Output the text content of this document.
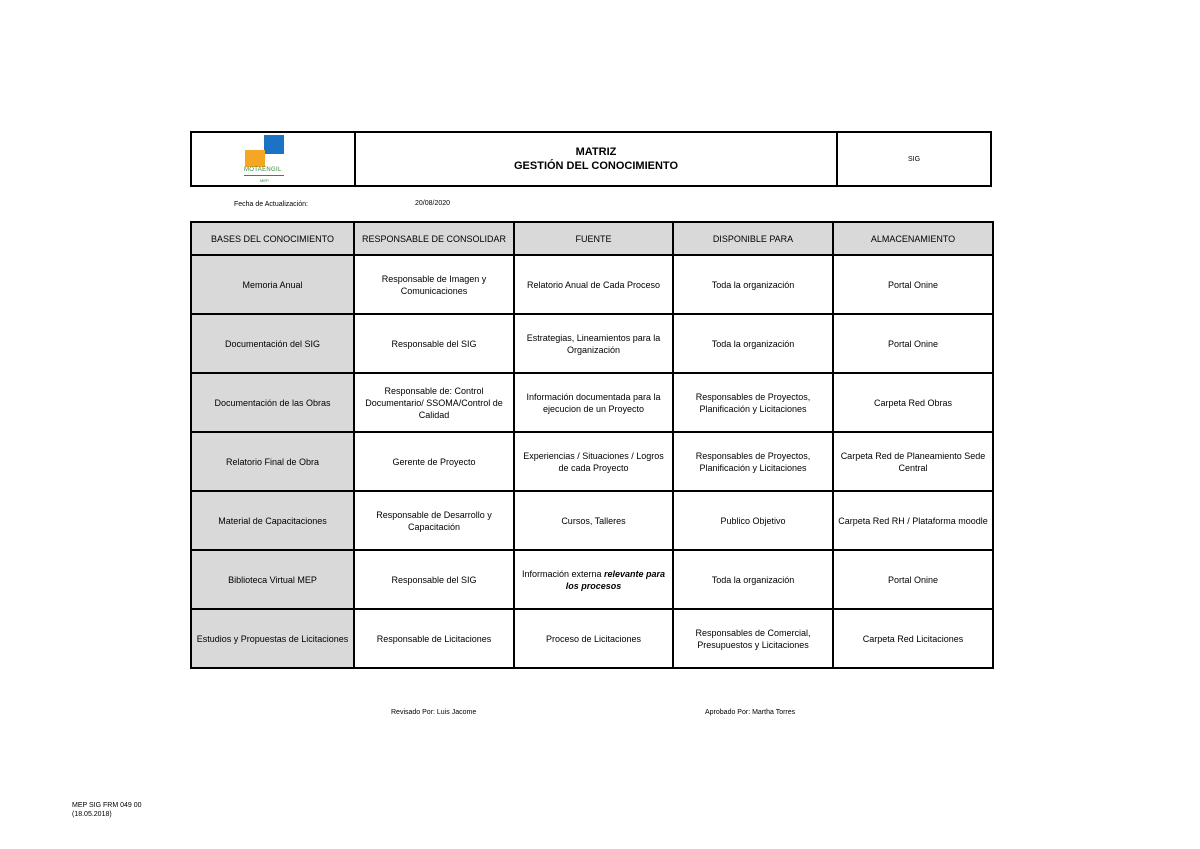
MOTAENGIL
MEP
MATRIZ
GESTIÓN DEL CONOCIMIENTO
SIG
Fecha de Actualización:	20/08/2020
BASES DEL CONOCIMIENTO	RESPONSABLE DE CONSOLIDAR	FUENTE	DISPONIBLE PARA	ALMACENAMIENTO
Memoria Anual	Responsable de Imagen y Comunicaciones	Relatorio Anual de Cada Proceso	Toda la organización	Portal Onine
Documentación del SIG	Responsable del SIG	Estrategias, Lineamientos para la Organización	Toda la organización	Portal Onine
Documentación de las Obras	Responsable de: Control Documentario/ SSOMA/Control de Calidad	Información documentada para la ejecucion de un Proyecto	Responsables de Proyectos, Planificación y Licitaciones	Carpeta Red Obras
Relatorio Final de Obra	Gerente de Proyecto	Experiencias / Situaciones / Logros de cada Proyecto	Responsables de Proyectos, Planificación y Licitaciones	Carpeta Red de Planeamiento Sede Central
Material de Capacitaciones	Responsable de Desarrollo y Capacitación	Cursos, Talleres	Publico Objetivo	Carpeta Red RH / Plataforma moodle
Biblioteca Virtual MEP	Responsable del SIG	Información externa relevante para los procesos	Toda la organización	Portal Onine
Estudios y Propuestas de Licitaciones	Responsable de Licitaciones	Proceso de Licitaciones	Responsables de Comercial, Presupuestos y Licitaciones	Carpeta Red Licitaciones
Revisado Por: Luis Jacome	Aprobado Por: Martha Torres
MEP SIG FRM 049 00
(18.05.2018)
